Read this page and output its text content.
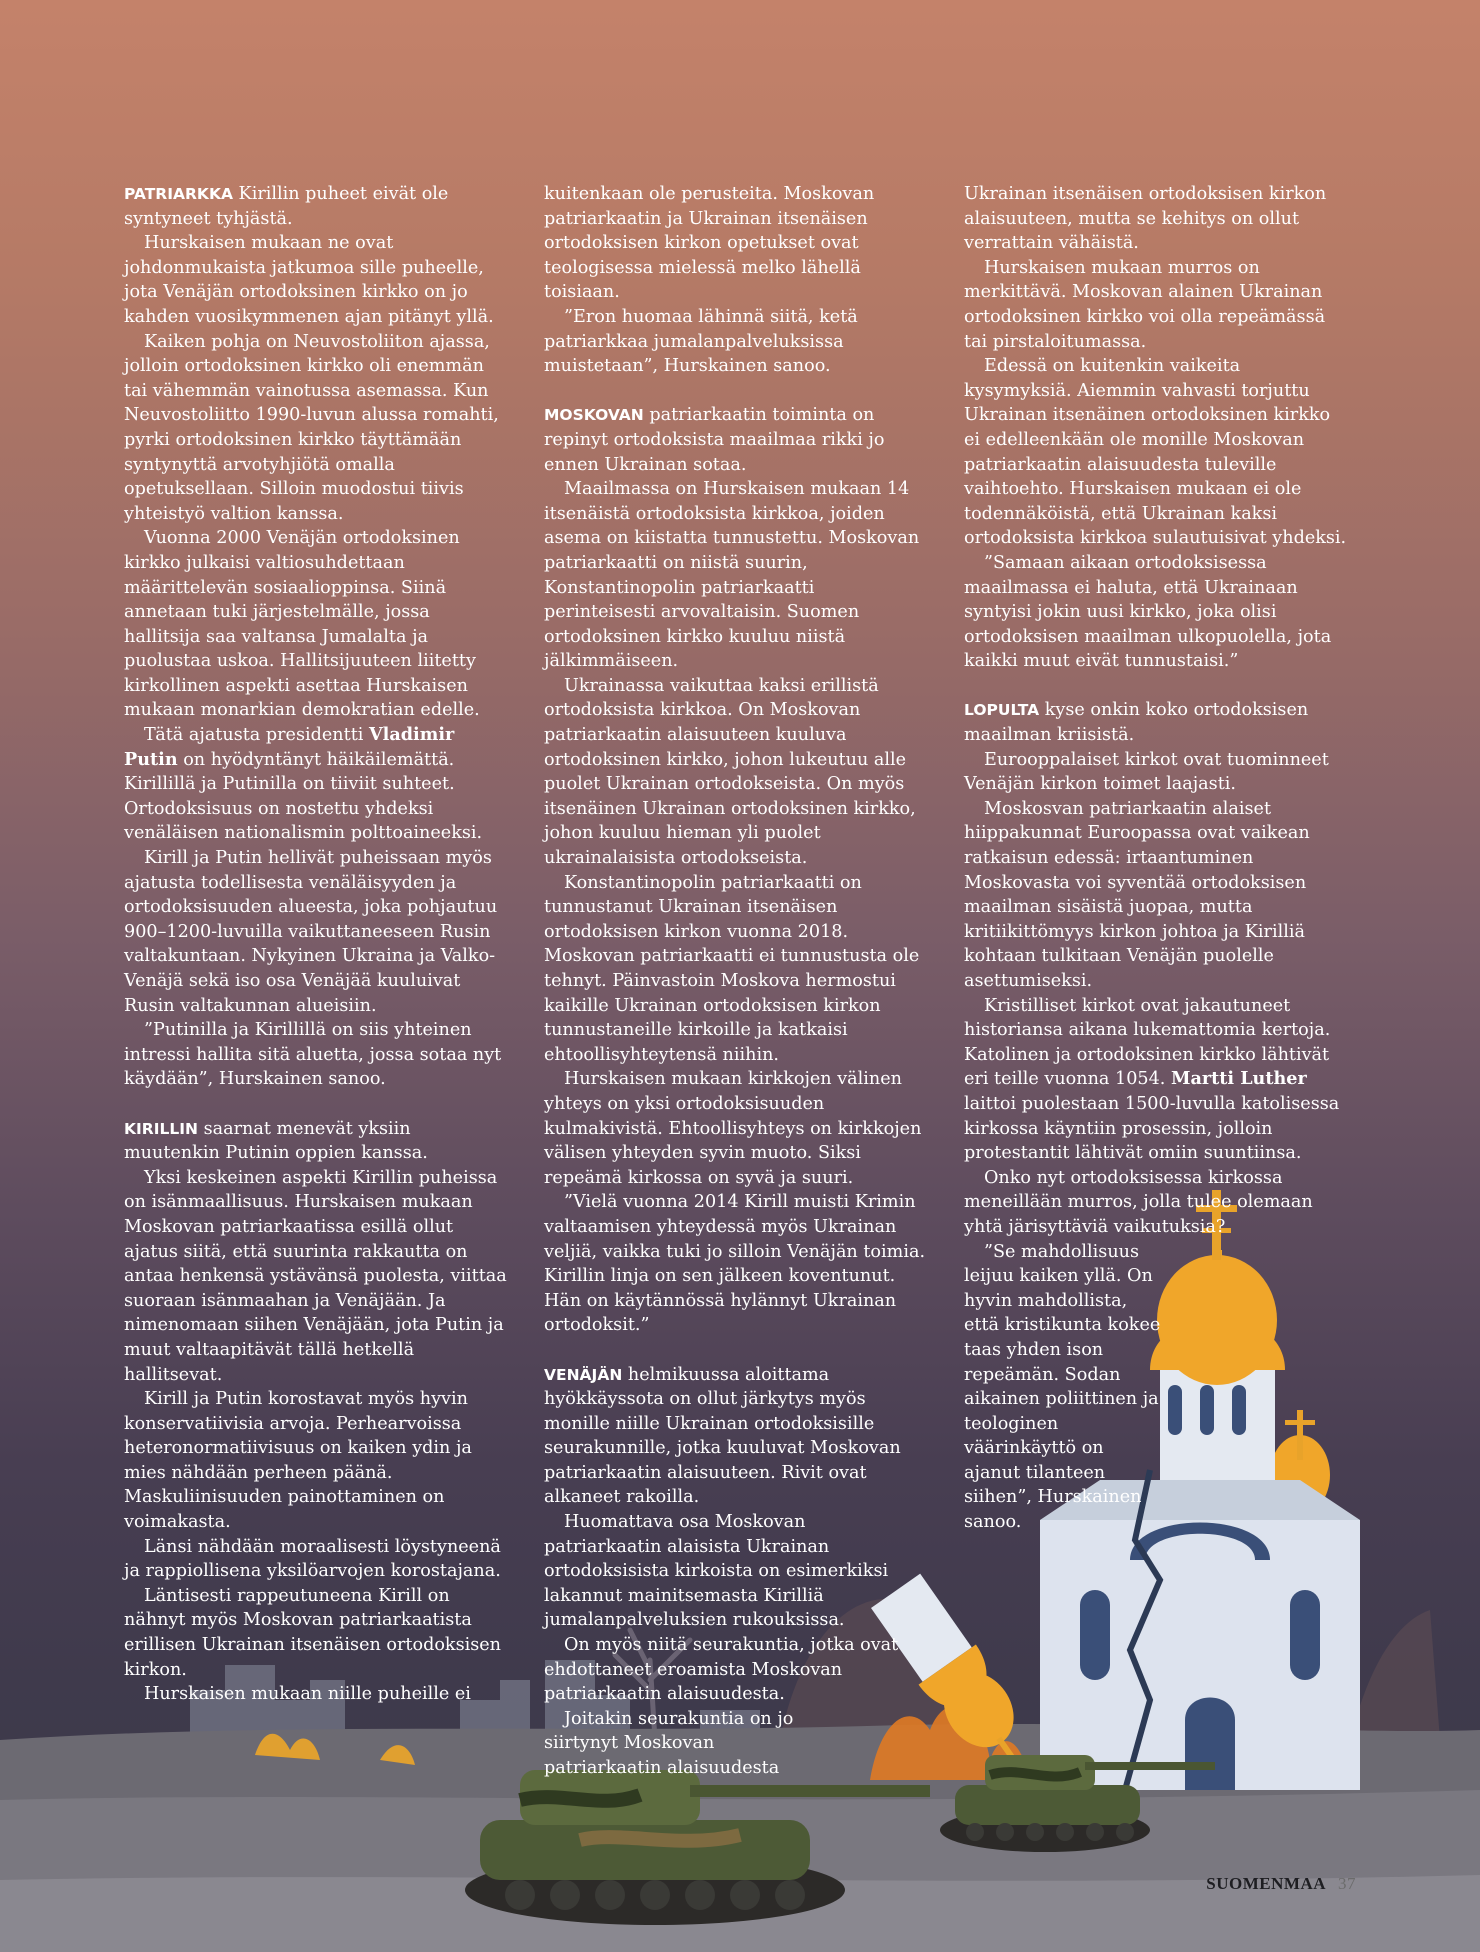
PATRIARKKA Kirillin puheet eivät ole syntyneet tyhjästä.

Hurskaisen mukaan ne ovat johdonmukaista jatkumoa sille puheelle, jota Venäjän ortodoksinen kirkko on jo kahden vuosikymmenen ajan pitänyt yllä.

Kaiken pohja on Neuvostoliiton ajassa, jolloin ortodoksinen kirkko oli enemmän tai vähemmän vainotussa asemassa. Kun Neuvostoliitto 1990-luvun alussa romahti, pyrki ortodoksinen kirkko täyttämään syntynyttä arvotyhjiötä omalla opetuksellaan. Silloin muodostui tiivis yhteistyö valtion kanssa.

Vuonna 2000 Venäjän ortodoksinen kirkko julkaisi valtiosuhdettaan määrittelevän sosiaalioppinsa. Siinä annetaan tuki järjestelmälle, jossa hallitsija saa valtansa Jumalalta ja puolustaa uskoa. Hallitsijuuteen liitetty kirkollinen aspekti asettaa Hurskaisen mukaan monarkian demokratian edelle.

Tätä ajatusta presidentti Vladimir Putin on hyödyntänyt häikäilemättä. Kirillillä ja Putinilla on tiiviit suhteet. Ortodoksisuus on nostettu yhdeksi venäläisen nationalismin polttoaineeksi.

Kirill ja Putin hellivät puheissaan myös ajatusta todellisesta venäläisyyden ja ortodoksisuuden alueesta, joka pohjautuu 900–1200-luvuilla vaikuttaneeseen Rusin valtakuntaan. Nykyinen Ukraina ja Valko-Venäjä sekä iso osa Venäjää kuuluivat Rusin valtakunnan alueisiin.

”Putinilla ja Kirillillä on siis yhteinen intressi hallita sitä aluetta, jossa sotaa nyt käydään”, Hurskainen sanoo.

KIRILLIN saarnat menevät yksiin muutenkin Putinin oppien kanssa.

Yksi keskeinen aspekti Kirillin puheissa on isänmaallisuus. Hurskaisen mukaan Moskovan patriarkaatissa esillä ollut ajatus siitä, että suurinta rakkautta on antaa henkensä ystävänsä puolesta, viittaa suoraan isänmaahan ja Venäjään. Ja nimenomaan siihen Venäjään, jota Putin ja muut valtaapitävät tällä hetkellä hallitsevat.

Kirill ja Putin korostavat myös hyvin konservatiivisia arvoja. Perhearvoissa heteronormatiivisuus on kaiken ydin ja mies nähdään perheen päänä. Maskuliinisuuden painottaminen on voimakasta.

Länsi nähdään moraalisesti löystyneenä ja rappiollisena yksilöarvojen korostajana.

Läntisesti rappeutuneena Kirill on nähnyt myös Moskovan patriarkaatista erillisen Ukrainan itsenäisen ortodoksisen kirkon.

Hurskaisen mukaan niille puheille ei

kuitenkaan ole perusteita. Moskovan patriarkaatin ja Ukrainan itsenäisen ortodoksisen kirkon opetukset ovat teologisessa mielessä melko lähellä toisiaan.

”Eron huomaa lähinnä siitä, ketä patriarkkaa jumalanpalveluksissa muistetaan”, Hurskainen sanoo.

MOSKOVAN patriarkaatin toiminta on repinyt ortodoksista maailmaa rikki jo ennen Ukrainan sotaa.

Maailmassa on Hurskaisen mukaan 14 itsenäistä ortodoksista kirkkoa, joiden asema on kiistatta tunnustettu. Moskovan patriarkaatti on niistä suurin, Konstantinopolin patriarkaatti perinteisesti arvovaltaisin. Suomen ortodoksinen kirkko kuuluu niistä jälkimmäiseen.

Ukrainassa vaikuttaa kaksi erillistä ortodoksista kirkkoa. On Moskovan patriarkaatin alaisuuteen kuuluva ortodoksinen kirkko, johon lukeutuu alle puolet Ukrainan ortodokseista. On myös itsenäinen Ukrainan ortodoksinen kirkko, johon kuuluu hieman yli puolet ukrainalaisista ortodokseista.

Konstantinopolin patriarkaatti on tunnustanut Ukrainan itsenäisen ortodoksisen kirkon vuonna 2018. Moskovan patriarkaatti ei tunnustusta ole tehnyt. Päinvastoin Moskova hermostui kaikille Ukrainan ortodoksisen kirkon tunnustaneille kirkoille ja katkaisi ehtoollisyhteytensä niihin.

Hurskaisen mukaan kirkkojen välinen yhteys on yksi ortodoksisuuden kulmakivistä. Ehtoollisyhteys on kirkkojen välisen yhteyden syvin muoto. Siksi repeämä kirkossa on syvä ja suuri.

”Vielä vuonna 2014 Kirill muisti Krimin valtaamisen yhteydessä myös Ukrainan veljiä, vaikka tuki jo silloin Venäjän toimia. Kirillin linja on sen jälkeen koventunut. Hän on käytännössä hylännyt Ukrainan ortodoksit.”

VENÄJÄN helmikuussa aloittama hyökkäyssota on ollut järkytys myös monille niille Ukrainan ortodoksisille seurakunnille, jotka kuuluvat Moskovan patriarkaatin alaisuuteen. Rivit ovat alkaneet rakoilla.

Huomattava osa Moskovan patriarkaatin alaisista Ukrainan ortodoksisista kirkoista on esimerkiksi lakannut mainitsemasta Kirilliä jumalanpalveluksien rukouksissa.

On myös niitä seurakuntia, jotka ovat ehdottaneet eroamista Moskovan patriarkaatin alaisuudesta.

Joitakin seurakuntia on jo siirtynyt Moskovan patriarkaatin alaisuudesta

Ukrainan itsenäisen ortodoksisen kirkon alaisuuteen, mutta se kehitys on ollut verrattain vähäistä.

Hurskaisen mukaan murros on merkittävä. Moskovan alainen Ukrainan ortodoksinen kirkko voi olla repeämässä tai pirstaloitumassa.

Edessä on kuitenkin vaikeita kysymyksiä. Aiemmin vahvasti torjuttu Ukrainan itsenäinen ortodoksinen kirkko ei edelleenkään ole monille Moskovan patriarkaatin alaisuudesta tuleville vaihtoehto. Hurskaisen mukaan ei ole todennäköistä, että Ukrainan kaksi ortodoksista kirkkoa sulautuisivat yhdeksi.

”Samaan aikaan ortodoksisessa maailmassa ei haluta, että Ukrainaan syntyisi jokin uusi kirkko, joka olisi ortodoksisen maailman ulkopuolella, jota kaikki muut eivät tunnustaisi.”

LOPULTA kyse onkin koko ortodoksisen maailman kriisistä.

Eurooppalaiset kirkot ovat tuominneet Venäjän kirkon toimet laajasti.

Moskosvan patriarkaatin alaiset hiippakunnat Euroopassa ovat vaikean ratkaisun edessä: irtaantuminen Moskovasta voi syventää ortodoksisen maailman sisäistä juopaa, mutta kritiikittömyys kirkon johtoa ja Kirilliä kohtaan tulkitaan Venäjän puolelle asettumiseksi.

Kristilliset kirkot ovat jakautuneet historiansa aikana lukemattomia kertoja. Katolinen ja ortodoksinen kirkko lähtivät eri teille vuonna 1054. Martti Luther laittoi puolestaan 1500-luvulla katolisessa kirkossa käyntiin prosessin, jolloin protestantit lähtivät omiin suuntiinsa.

Onko nyt ortodoksisessa kirkossa meneillään murros, jolla tulee olemaan yhtä järisyttäviä vaikutuksia?

”Se mahdollisuus leijuu kaiken yllä. On hyvin mahdollista, että kristikunta kokee taas yhden ison repeämän. Sodan aikainen poliittinen ja teologinen väärinkäyttö on ajanut tilanteen siihen”, Hurskainen sanoo.

SUOMENMAA 37
